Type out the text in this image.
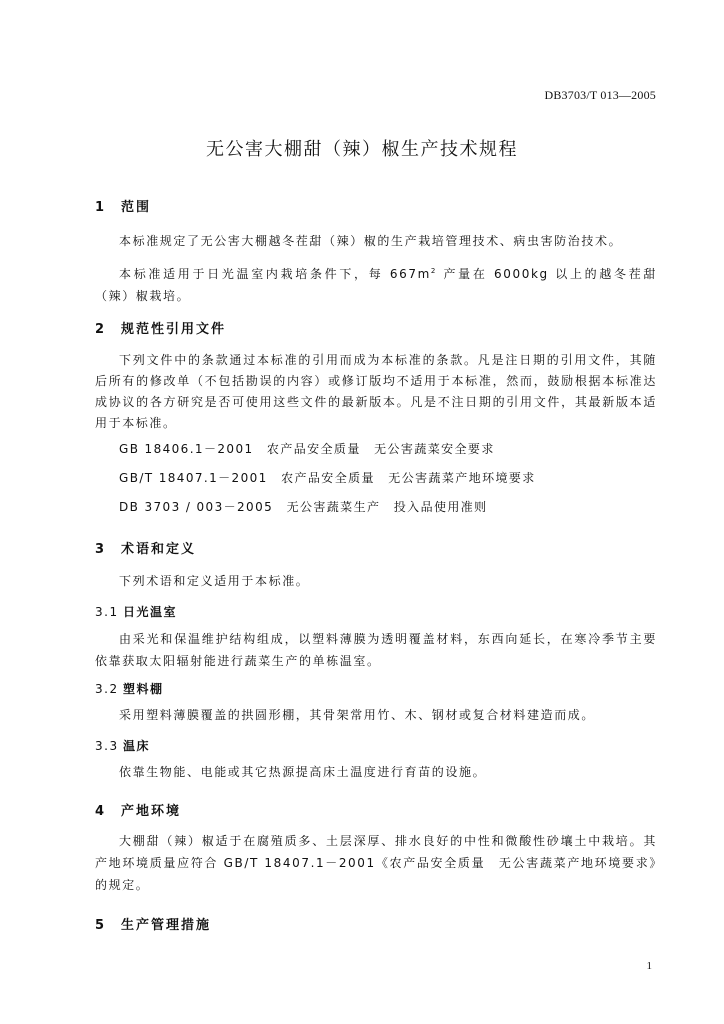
DB3703/T 013—2005
无公害大棚甜（辣）椒生产技术规程
1 范围
本标准规定了无公害大棚越冬茬甜（辣）椒的生产栽培管理技术、病虫害防治技术。
本标准适用于日光温室内栽培条件下，每 $667m^2$ 产量在 6000kg 以上的越冬茬甜（辣）椒栽培。
2 规范性引用文件
下列文件中的条款通过本标准的引用而成为本标准的条款。凡是注日期的引用文件，其随后所有的修改单（不包括勘误的内容）或修订版均不适用于本标准，然而，鼓励根据本标准达成协议的各方研究是否可使用这些文件的最新版本。凡是不注日期的引用文件，其最新版本适用于本标准。
GB 18406.1－2001　 农产品安全质量　无公害蔬菜安全要求
GB/T 18407.1－2001　 农产品安全质量　无公害蔬菜产地环境要求
DB 3703 / 003－2005　 无公害蔬菜生产　投入品使用准则
3 术语和定义
下列术语和定义适用于本标准。
3.1 日光温室
由采光和保温维护结构组成，以塑料薄膜为透明覆盖材料，东西向延长，在寒冷季节主要依靠获取太阳辐射能进行蔬菜生产的单栋温室。
3.2 塑料棚
采用塑料薄膜覆盖的拱圆形棚，其骨架常用竹、木、钢材或复合材料建造而成。
3.3 温床
依靠生物能、电能或其它热源提高床土温度进行育苗的设施。
4 产地环境
大棚甜（辣）椒适于在腐殖质多、土层深厚、排水良好的中性和微酸性砂壤土中栽培。其产地环境质量应符合 GB/T 18407.1－2001《农产品安全质量　无公害蔬菜产地环境要求》的规定。
5 生产管理措施
1
